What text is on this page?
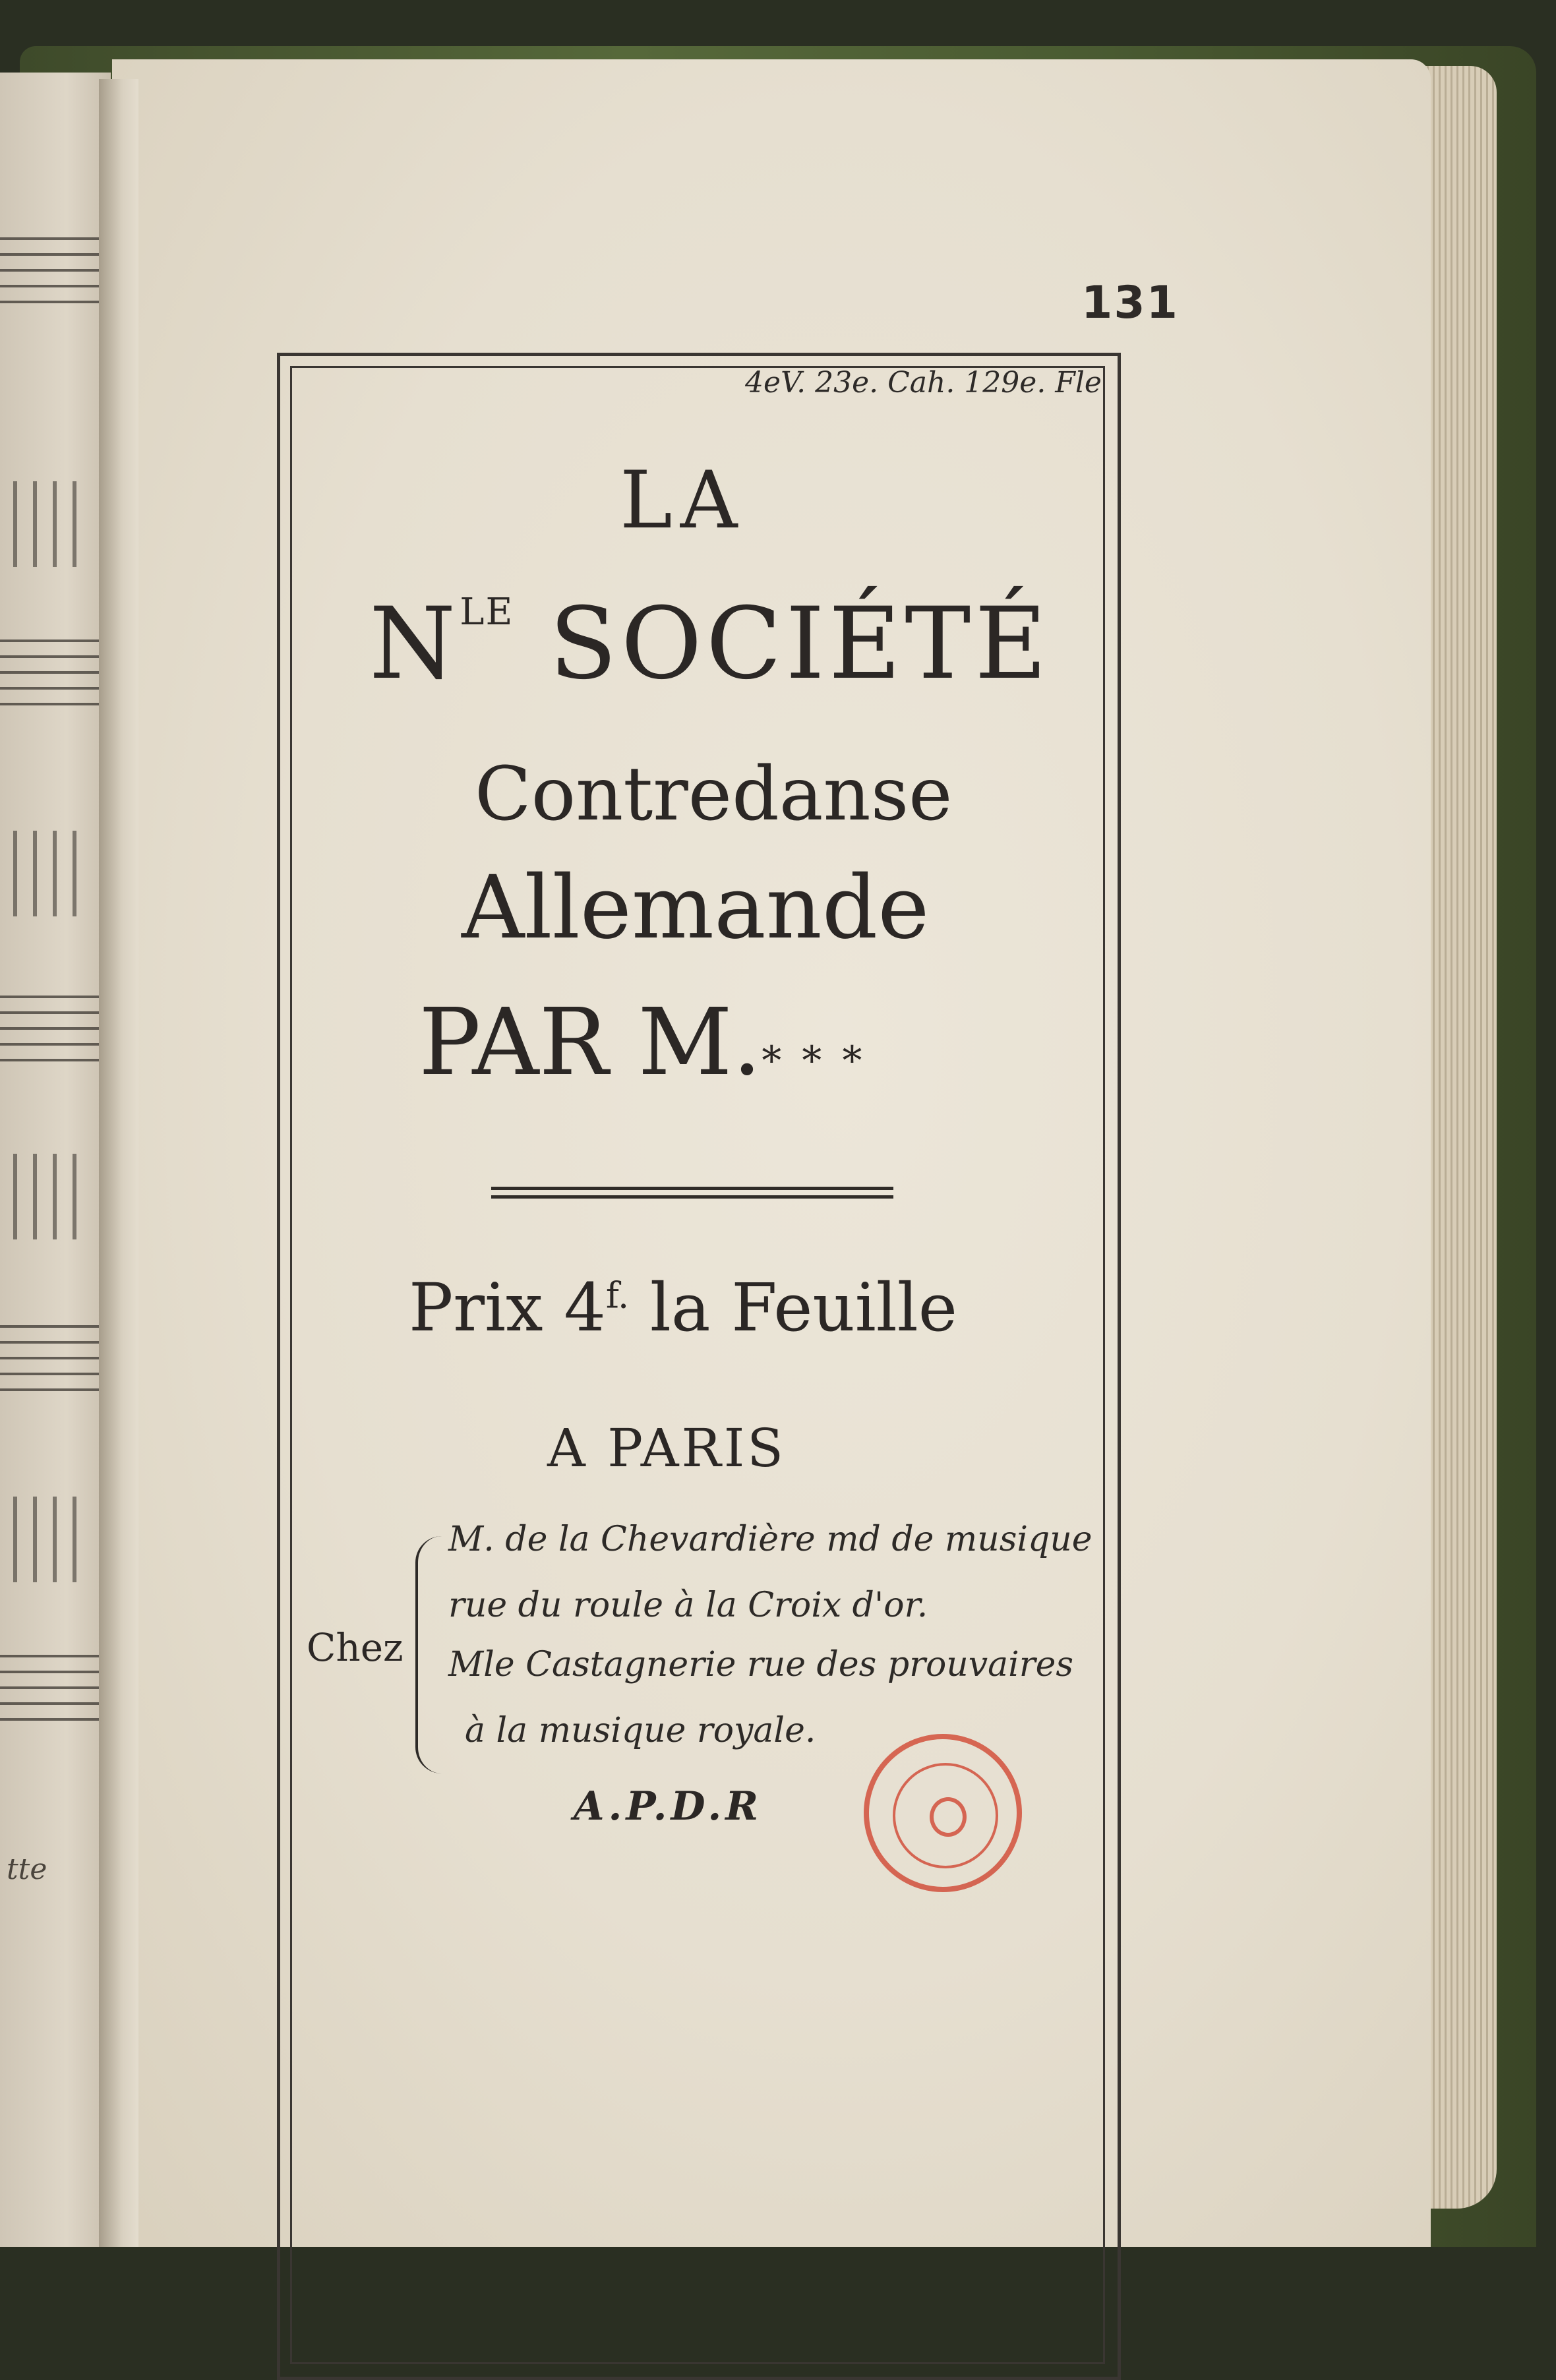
tte
131
4eV. 23e. Cah. 129e. Fle
LA
$N^{LE}$ SOCIÉTÉ
Contredanse
Allemande
PAR M.* * *
Prix $4^{f.}$ la Feuille
A PARIS
Chez
M. de la Chevardière md de musique
rue du roule à la Croix d'or.
Mle Castagnerie rue des prouvaires
à la musique royale.
A.P.D.R
